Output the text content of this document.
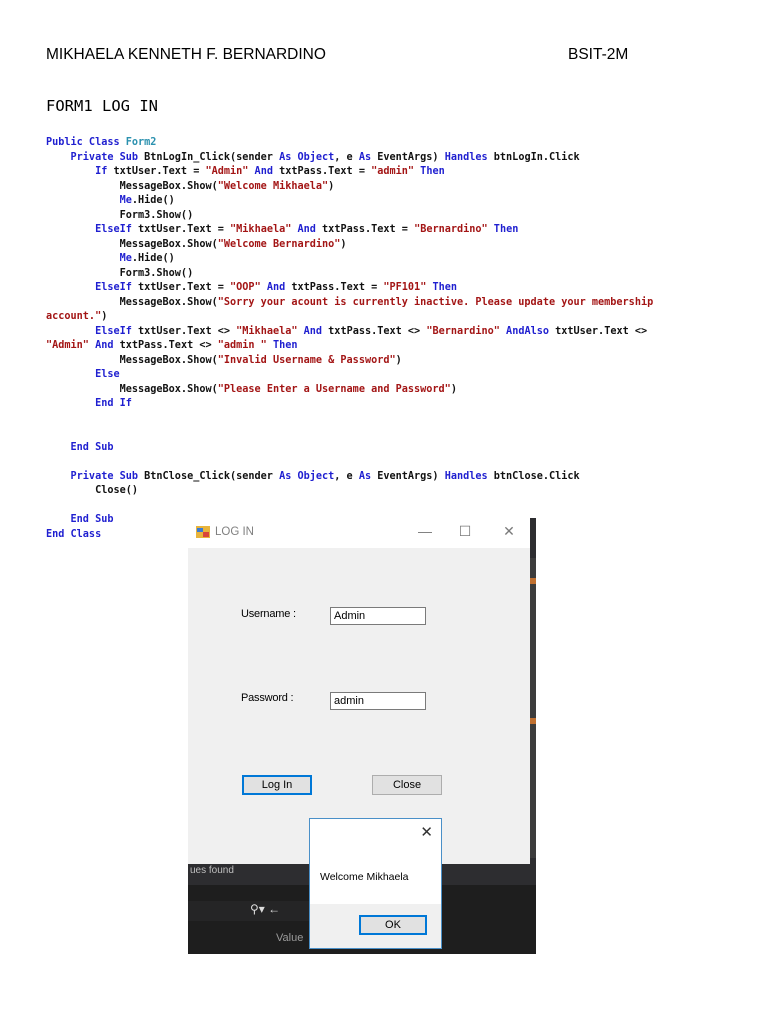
MIKHAELA KENNETH F. BERNARDINO	BSIT-2M
FORM1 LOG IN
Public Class Form2
Private Sub BtnLogIn_Click(sender As Object, e As EventArgs) Handles btnLogIn.Click
If txtUser.Text = "Admin" And txtPass.Text = "admin" Then
MessageBox.Show("Welcome Mikhaela")
Me.Hide()
Form3.Show()
ElseIf txtUser.Text = "Mikhaela" And txtPass.Text = "Bernardino" Then
MessageBox.Show("Welcome Bernardino")
Me.Hide()
Form3.Show()
ElseIf txtUser.Text = "OOP" And txtPass.Text = "PF101" Then
MessageBox.Show("Sorry your acount is currently inactive. Please update your membership
account.")
ElseIf txtUser.Text <> "Mikhaela" And txtPass.Text <> "Bernardino" AndAlso txtUser.Text <>
"Admin" And txtPass.Text <> "admin " Then
MessageBox.Show("Invalid Username & Password")
Else
MessageBox.Show("Please Enter a Username and Password")
End If

End Sub

Private Sub BtnClose_Click(sender As Object, e As EventArgs) Handles btnClose.Click
Close()

End Sub
End Class
ues found
⚲▾ ←
Value
LOG IN	—	☐	✕
Username :	Admin
Password :	admin
Log In	Close
✕
Welcome Mikhaela
OK
